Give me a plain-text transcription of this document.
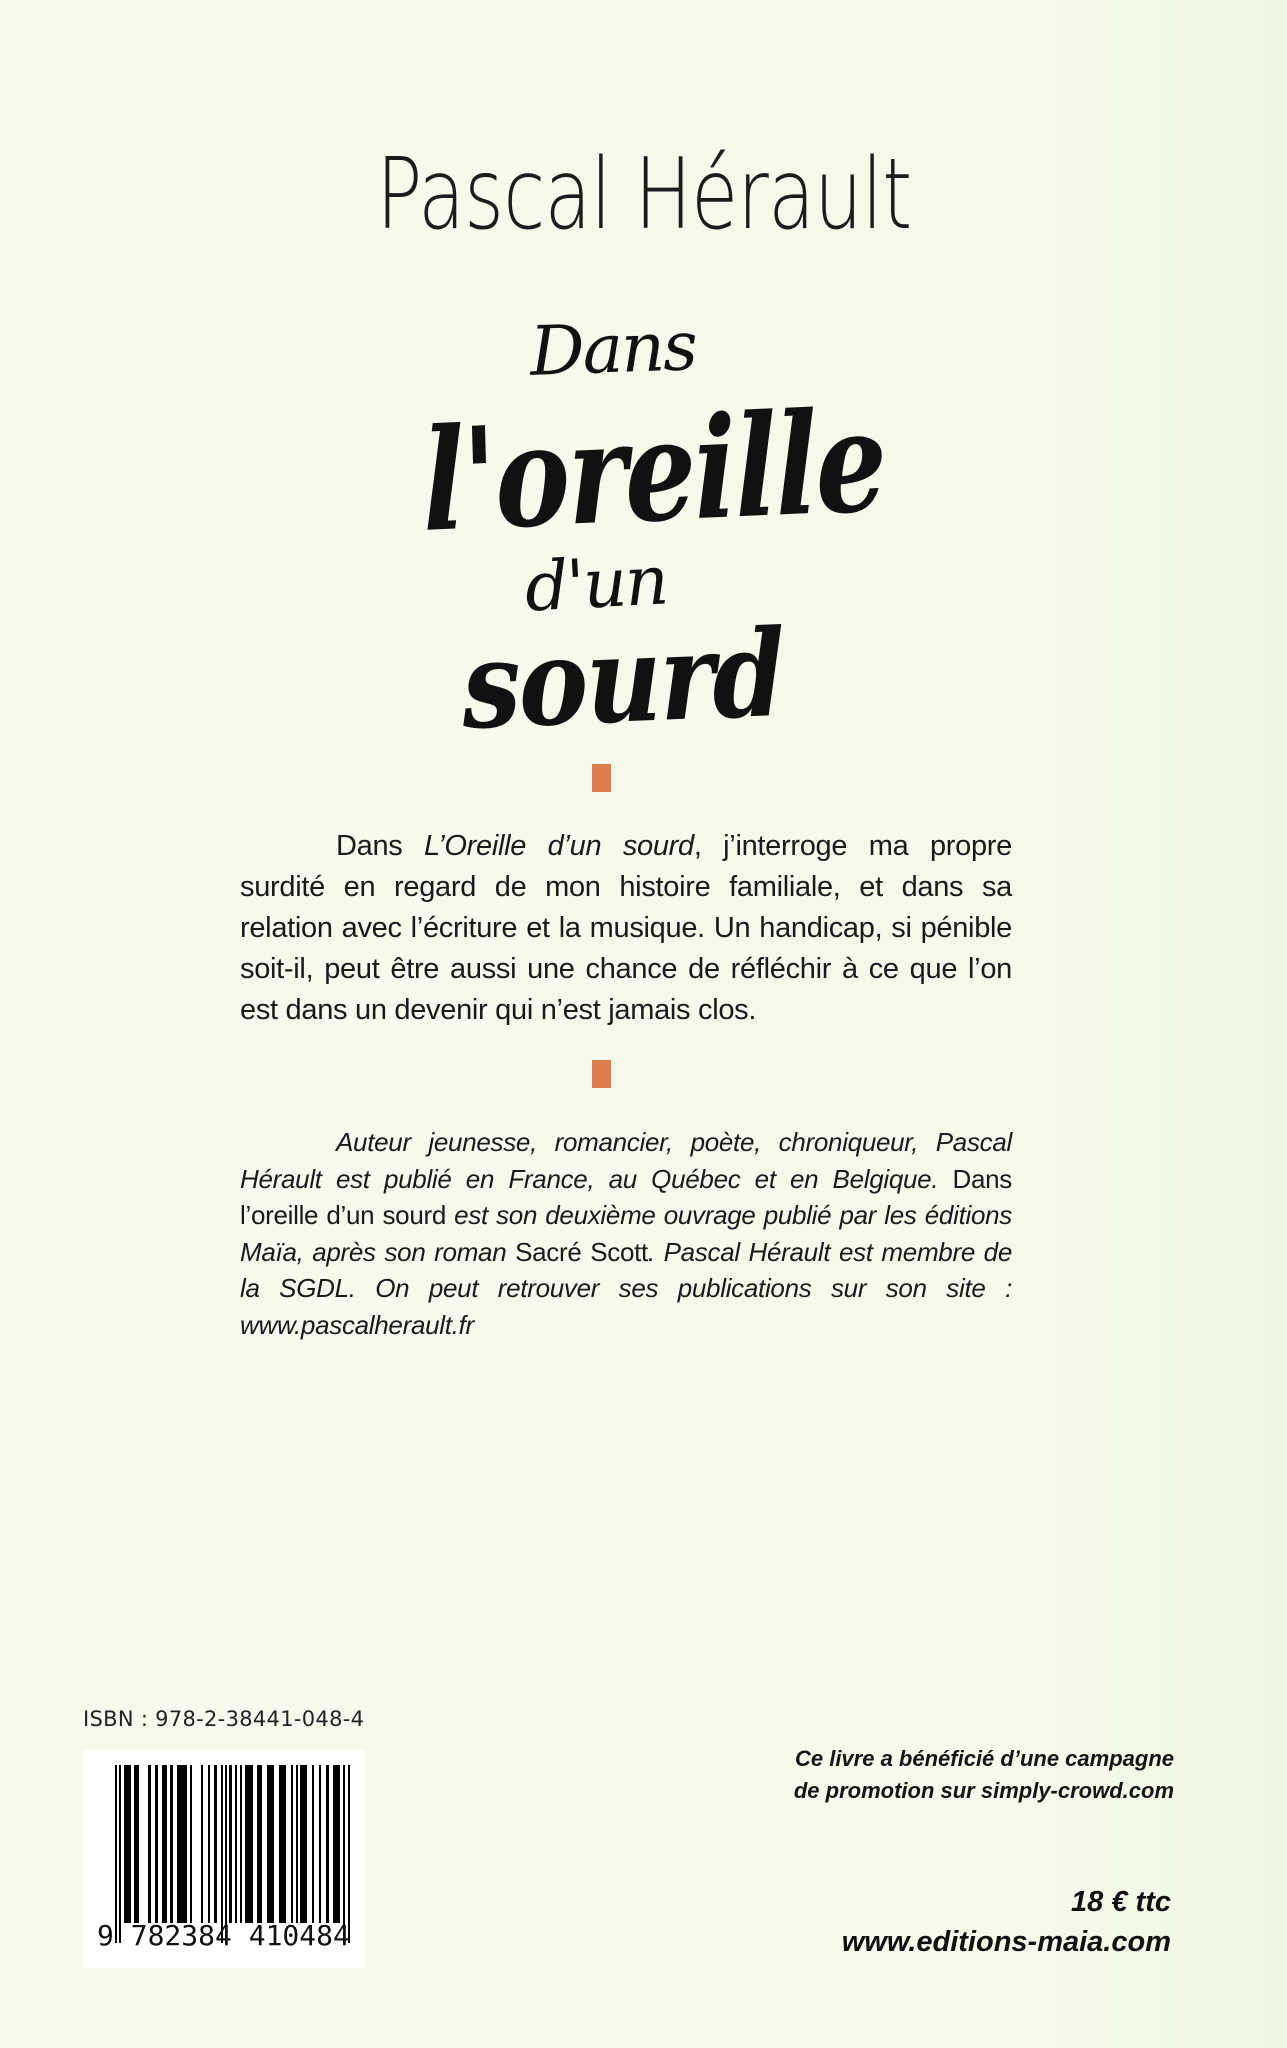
Pascal Hérault
Dans
l'oreille
d'un
sourd

Dans L’Oreille d’un sourd, j’interroge ma propre surdité en regard de mon histoire familiale, et dans sa relation avec l’écriture et la musique. Un handicap, si pénible soit-il, peut être aussi une chance de réfléchir à ce que l’on est dans un devenir qui n’est jamais clos.

Auteur jeunesse, romancier, poète, chroniqueur, Pascal Hérault est publié en France, au Québec et en Belgique. Dans l’oreille d’un sourd est son deuxième ouvrage publié par les éditions Maïa, après son roman Sacré Scott. Pascal Hérault est membre de la SGDL. On peut retrouver ses publications sur son site : www.pascalherault.fr

ISBN : 978-2-38441-048-4
9 782384 410484
Ce livre a bénéficié d’une campagne
de promotion sur simply-crowd.com
18 € ttc
www.editions-maia.com
